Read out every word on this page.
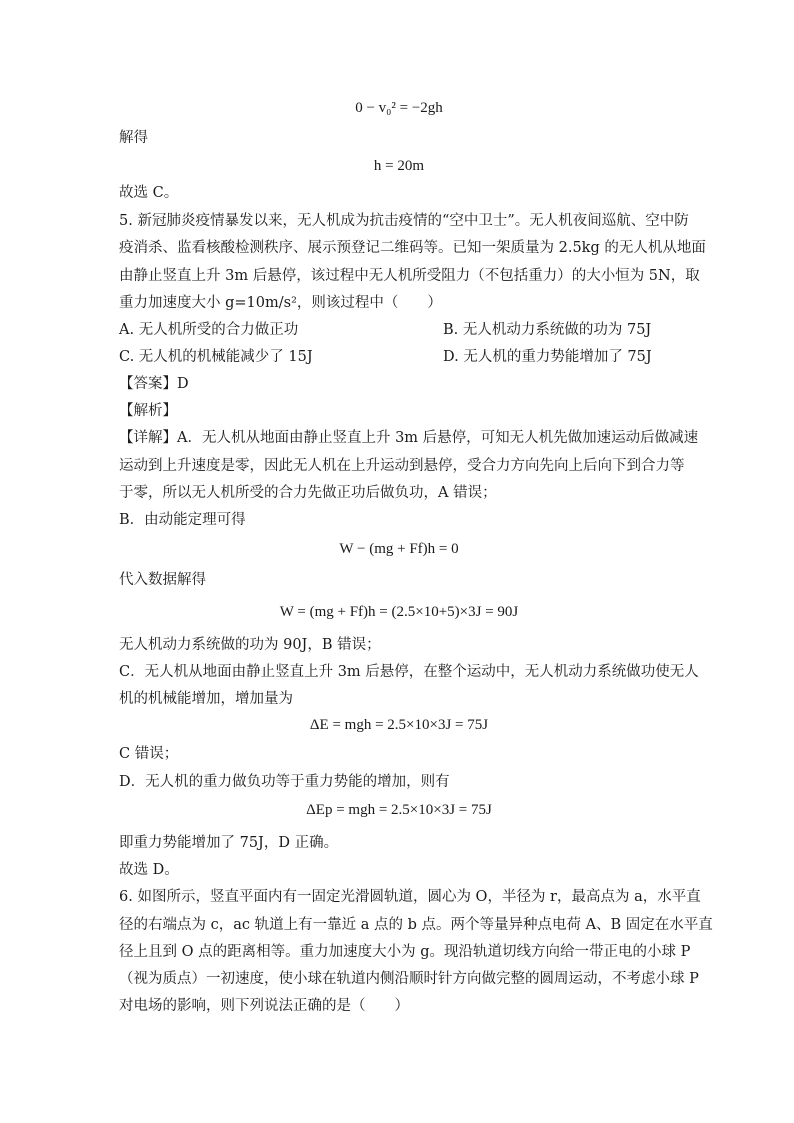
0 − v₀² = −2gh
解得
h = 20m
故选 C。
5. 新冠肺炎疫情暴发以来，无人机成为抗击疫情的“空中卫士”。无人机夜间巡航、空中防
疫消杀、监看核酸检测秩序、展示预登记二维码等。已知一架质量为 2.5kg 的无人机从地面
由静止竖直上升 3m 后悬停，该过程中无人机所受阻力（不包括重力）的大小恒为 5N，取
重力加速度大小 g=10m/s²，则该过程中（　　）
A. 无人机所受的合力做正功	B. 无人机动力系统做的功为 75J
C. 无人机的机械能减少了 15J	D. 无人机的重力势能增加了 75J
【答案】D
【解析】
【详解】A．无人机从地面由静止竖直上升 3m 后悬停，可知无人机先做加速运动后做减速
运动到上升速度是零，因此无人机在上升运动到悬停，受合力方向先向上后向下到合力等
于零，所以无人机所受的合力先做正功后做负功，A 错误；
B．由动能定理可得
W − (mg + Ff)h = 0
代入数据解得
W = (mg + Ff)h = (2.5×10+5)×3J = 90J
无人机动力系统做的功为 90J，B 错误；
C．无人机从地面由静止竖直上升 3m 后悬停，在整个运动中，无人机动力系统做功使无人
机的机械能增加，增加量为
ΔE = mgh = 2.5×10×3J = 75J
C 错误；
D．无人机的重力做负功等于重力势能的增加，则有
ΔEp = mgh = 2.5×10×3J = 75J
即重力势能增加了 75J，D 正确。
故选 D。
6. 如图所示，竖直平面内有一固定光滑圆轨道，圆心为 O，半径为 r，最高点为 a，水平直
径的右端点为 c，ac 轨道上有一靠近 a 点的 b 点。两个等量异种点电荷 A、B 固定在水平直
径上且到 O 点的距离相等。重力加速度大小为 g。现沿轨道切线方向给一带正电的小球 P
（视为质点）一初速度，使小球在轨道内侧沿顺时针方向做完整的圆周运动，不考虑小球 P
对电场的影响，则下列说法正确的是（　　）
